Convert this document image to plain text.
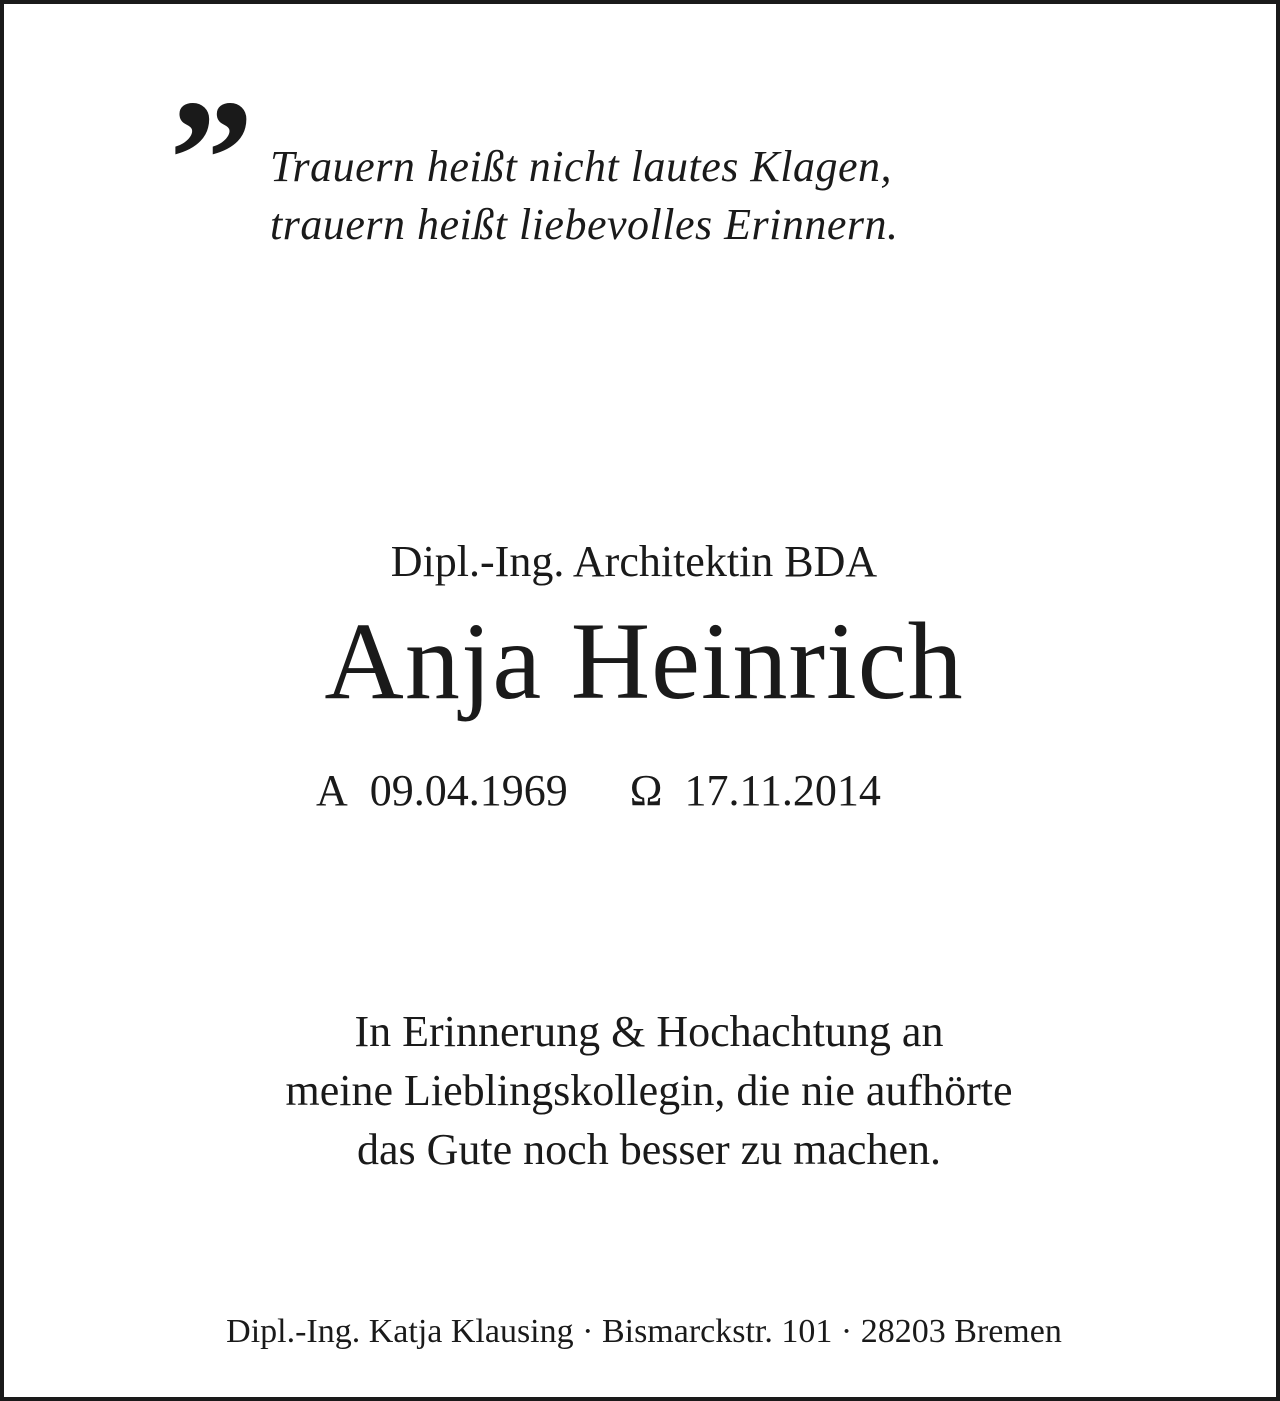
” Trauern heißt nicht lautes Klagen,
trauern heißt liebevolles Erinnern.
Dipl.-Ing. Architektin BDA
Anja Heinrich
A 09.04.1969 Ω 17.11.2014
In Erinnerung & Hochachtung an
meine Lieblingskollegin, die nie aufhörte
das Gute noch besser zu machen.
Dipl.-Ing. Katja Klausing · Bismarckstr. 101 · 28203 Bremen
